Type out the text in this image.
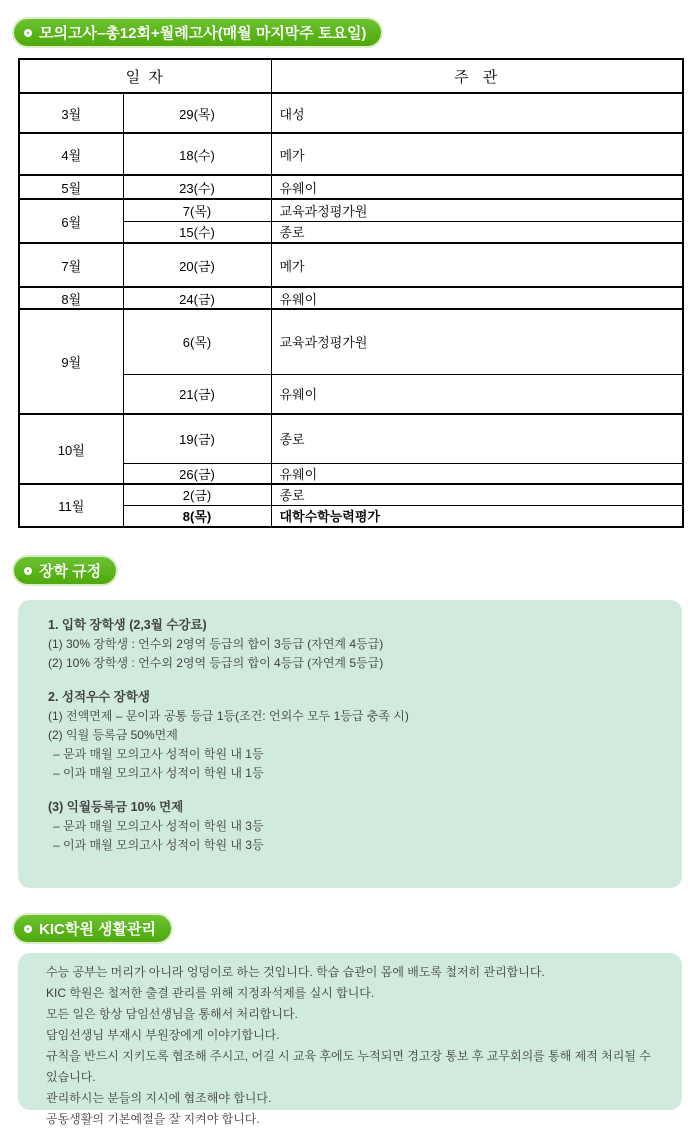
모의고사–총12회+월례고사(매월 마지막주 토요일)
일 자		주  관
3월	29(목)	대성
4월	18(수)	메가
5월	23(수)	유웨이
6월	7(목)	교육과정평가원
	15(수)	종로
7월	20(금)	메가
8월	24(금)	유웨이
9월	6(목)	교육과정평가원
	21(금)	유웨이
10월	19(금)	종로
	26(금)	유웨이
11월	2(금)	종로
	8(목)	대학수학능력평가
장학 규정
1. 입학 장학생 (2,3월 수강료)
(1) 30% 장학생 : 언수외 2영역 등급의 합이 3등급 (자연계 4등급)
(2) 10% 장학생 : 언수외 2영역 등급의 합이 4등급 (자연계 5등급)
2. 성적우수 장학생
(1) 전액면제 – 문이과 공통 등급 1등(조건: 언외수 모두 1등급 충족 시)
(2) 익월 등록금 50%면제
– 문과 매월 모의고사 성적이 학원 내 1등
– 이과 매월 모의고사 성적이 학원 내 1등
(3) 익월등록금 10% 면제
– 문과 매월 모의고사 성적이 학원 내 3등
– 이과 매월 모의고사 성적이 학원 내 3등
KIC학원 생활관리
수능 공부는 머리가 아니라 엉덩이로 하는 것입니다. 학습 습관이 몸에 배도록 철저히 관리합니다.
KIC 학원은 철저한 출결 관리를 위해 지정좌석제를 실시 합니다.
모든 일은 항상 담임선생님을 통해서 처리합니다.
담임선생님 부재시 부원장에게 이야기합니다.
규칙을 반드시 지키도록 협조해 주시고, 어길 시 교육 후에도 누적되면 경고장 통보 후 교무회의를 통해 제적 처리될 수 있습니다.
관리하시는 분들의 지시에 협조해야 합니다.
공동생활의 기본예절을 잘 지켜야 합니다.
